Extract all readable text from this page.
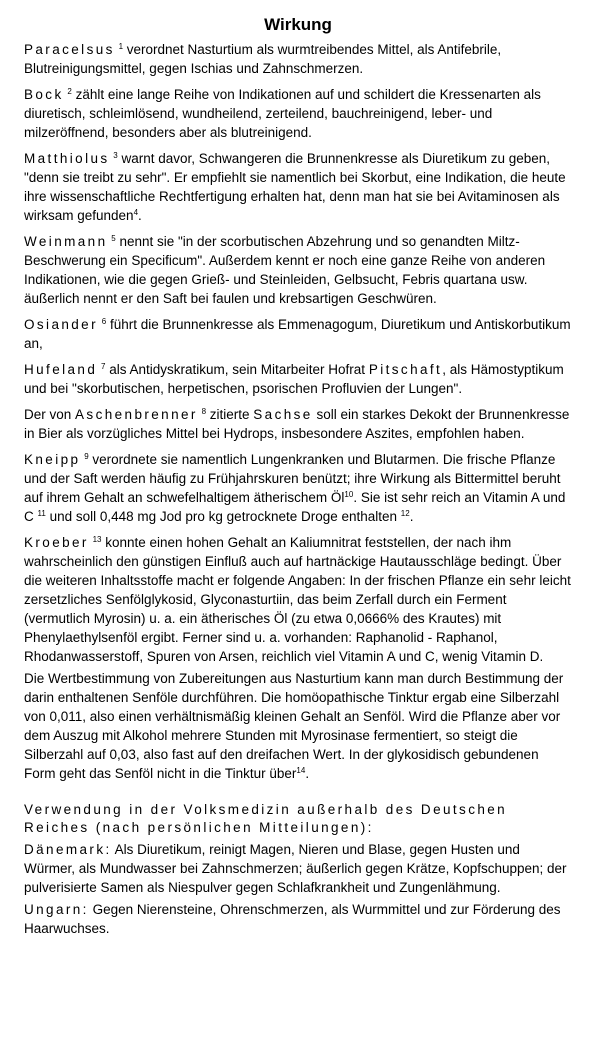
Wirkung

Paracelsus $^1$ verordnet Nasturtium als wurmtreibendes Mittel, als Antifebrile, Blutreinigungsmittel, gegen Ischias und Zahnschmerzen.

Bock $^2$ zählt eine lange Reihe von Indikationen auf und schildert die Kressenarten als diuretisch, schleimlösend, wundheilend, zerteilend, bauchreinigend, leber- und milzeröffnend, besonders aber als blutreinigend.

Matthiolus $^3$ warnt davor, Schwangeren die Brunnenkresse als Diuretikum zu geben, "denn sie treibt zu sehr". Er empfiehlt sie namentlich bei Skorbut, eine Indikation, die heute ihre wissenschaftliche Rechtfertigung erhalten hat, denn man hat sie bei Avitaminosen als wirksam gefunden$^4$.

Weinmann $^5$ nennt sie "in der scorbutischen Abzehrung und so genandten Miltz-Beschwerung ein Specificum". Außerdem kennt er noch eine ganze Reihe von anderen Indikationen, wie die gegen Grieß- und Steinleiden, Gelbsucht, Febris quartana usw. äußerlich nennt er den Saft bei faulen und krebsartigen Geschwüren.

Osiander $^6$ führt die Brunnenkresse als Emmenagogum, Diuretikum und Antiskorbutikum an,

Hufeland $^7$ als Antidyskratikum, sein Mitarbeiter Hofrat Pitschaft, als Hämostyptikum und bei "skorbutischen, herpetischen, psorischen Profluvien der Lungen".

Der von Aschenbrenner $^8$ zitierte Sachse soll ein starkes Dekokt der Brunnenkresse in Bier als vorzügliches Mittel bei Hydrops, insbesondere Aszites, empfohlen haben.

Kneipp $^9$ verordnete sie namentlich Lungenkranken und Blutarmen. Die frische Pflanze und der Saft werden häufig zu Frühjahrskuren benützt; ihre Wirkung als Bittermittel beruht auf ihrem Gehalt an schwefelhaltigem ätherischem $Öl^{10}$. Sie ist sehr reich an Vitamin A und C $^{11}$ und soll 0,448 mg Jod pro kg getrocknete Droge enthalten $^{12}$.

Kroeber $^{13}$ konnte einen hohen Gehalt an Kaliumnitrat feststellen, der nach ihm wahrscheinlich den günstigen Einfluß auch auf hartnäckige Hautausschläge bedingt. Über die weiteren Inhaltsstoffe macht er folgende Angaben: In der frischen Pflanze ein sehr leicht zersetzliches Senfölglykosid, Glyconasturtiin, das beim Zerfall durch ein Ferment (vermutlich Myrosin) u. a. ein ätherisches Öl (zu etwa 0,0666% des Krautes) mit Phenylaethylsenföl ergibt. Ferner sind u. a. vorhanden: Raphanolid - Raphanol, Rhodanwasserstoff, Spuren von Arsen, reichlich viel Vitamin A und C, wenig Vitamin D.

Die Wertbestimmung von Zubereitungen aus Nasturtium kann man durch Bestimmung der darin enthaltenen Senföle durchführen. Die homöopathische Tinktur ergab eine Silberzahl von 0,011, also einen verhältnismäßig kleinen Gehalt an Senföl. Wird die Pflanze aber vor dem Auszug mit Alkohol mehrere Stunden mit Myrosinase fermentiert, so steigt die Silberzahl auf 0,03, also fast auf den dreifachen Wert. In der glykosidisch gebundenen Form geht das Senföl nicht in die Tinktur über$^{14}$.

Verwendung in der Volksmedizin außerhalb des Deutschen Reiches (nach persönlichen Mitteilungen):

Dänemark: Als Diuretikum, reinigt Magen, Nieren und Blase, gegen Husten und Würmer, als Mundwasser bei Zahnschmerzen; äußerlich gegen Krätze, Kopfschuppen; der pulverisierte Samen als Niespulver gegen Schlafkrankheit und Zungenlähmung.

Ungarn: Gegen Nierensteine, Ohrenschmerzen, als Wurmmittel und zur Förderung des Haarwuchses.
